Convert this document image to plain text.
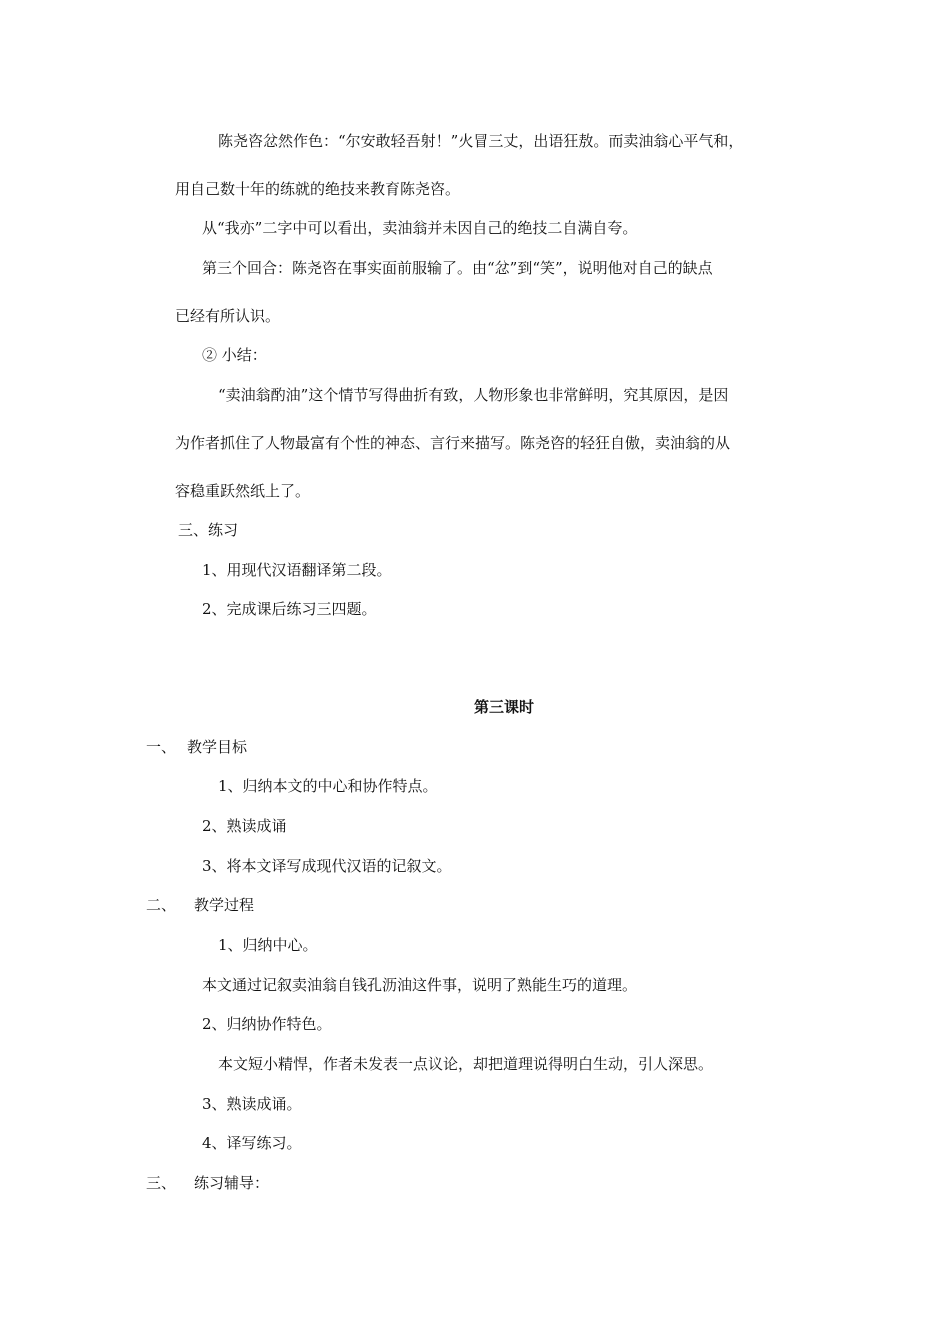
陈尧咨忿然作色：“尔安敢轻吾射！”火冒三丈，出语狂敖。而卖油翁心平气和，
用自己数十年的练就的绝技来教育陈尧咨。
从“我亦”二字中可以看出，卖油翁并未因自己的绝技二自满自夸。
第三个回合：陈尧咨在事实面前服输了。由“忿”到“笑”，说明他对自己的缺点
已经有所认识。
② 小结：
“卖油翁酌油”这个情节写得曲折有致，人物形象也非常鲜明，究其原因，是因
为作者抓住了人物最富有个性的神态、言行来描写。陈尧咨的轻狂自傲，卖油翁的从
容稳重跃然纸上了。
三、练习
1、用现代汉语翻译第二段。
2、完成课后练习三四题。
第三课时
一、 教学目标
1、归纳本文的中心和协作特点。
2、熟读成诵
3、将本文译写成现代汉语的记叙文。
二、 教学过程
1、归纳中心。
本文通过记叙卖油翁自钱孔沥油这件事，说明了熟能生巧的道理。
2、归纳协作特色。
本文短小精悍，作者未发表一点议论，却把道理说得明白生动，引人深思。
3、熟读成诵。
4、译写练习。
三、 练习辅导：
